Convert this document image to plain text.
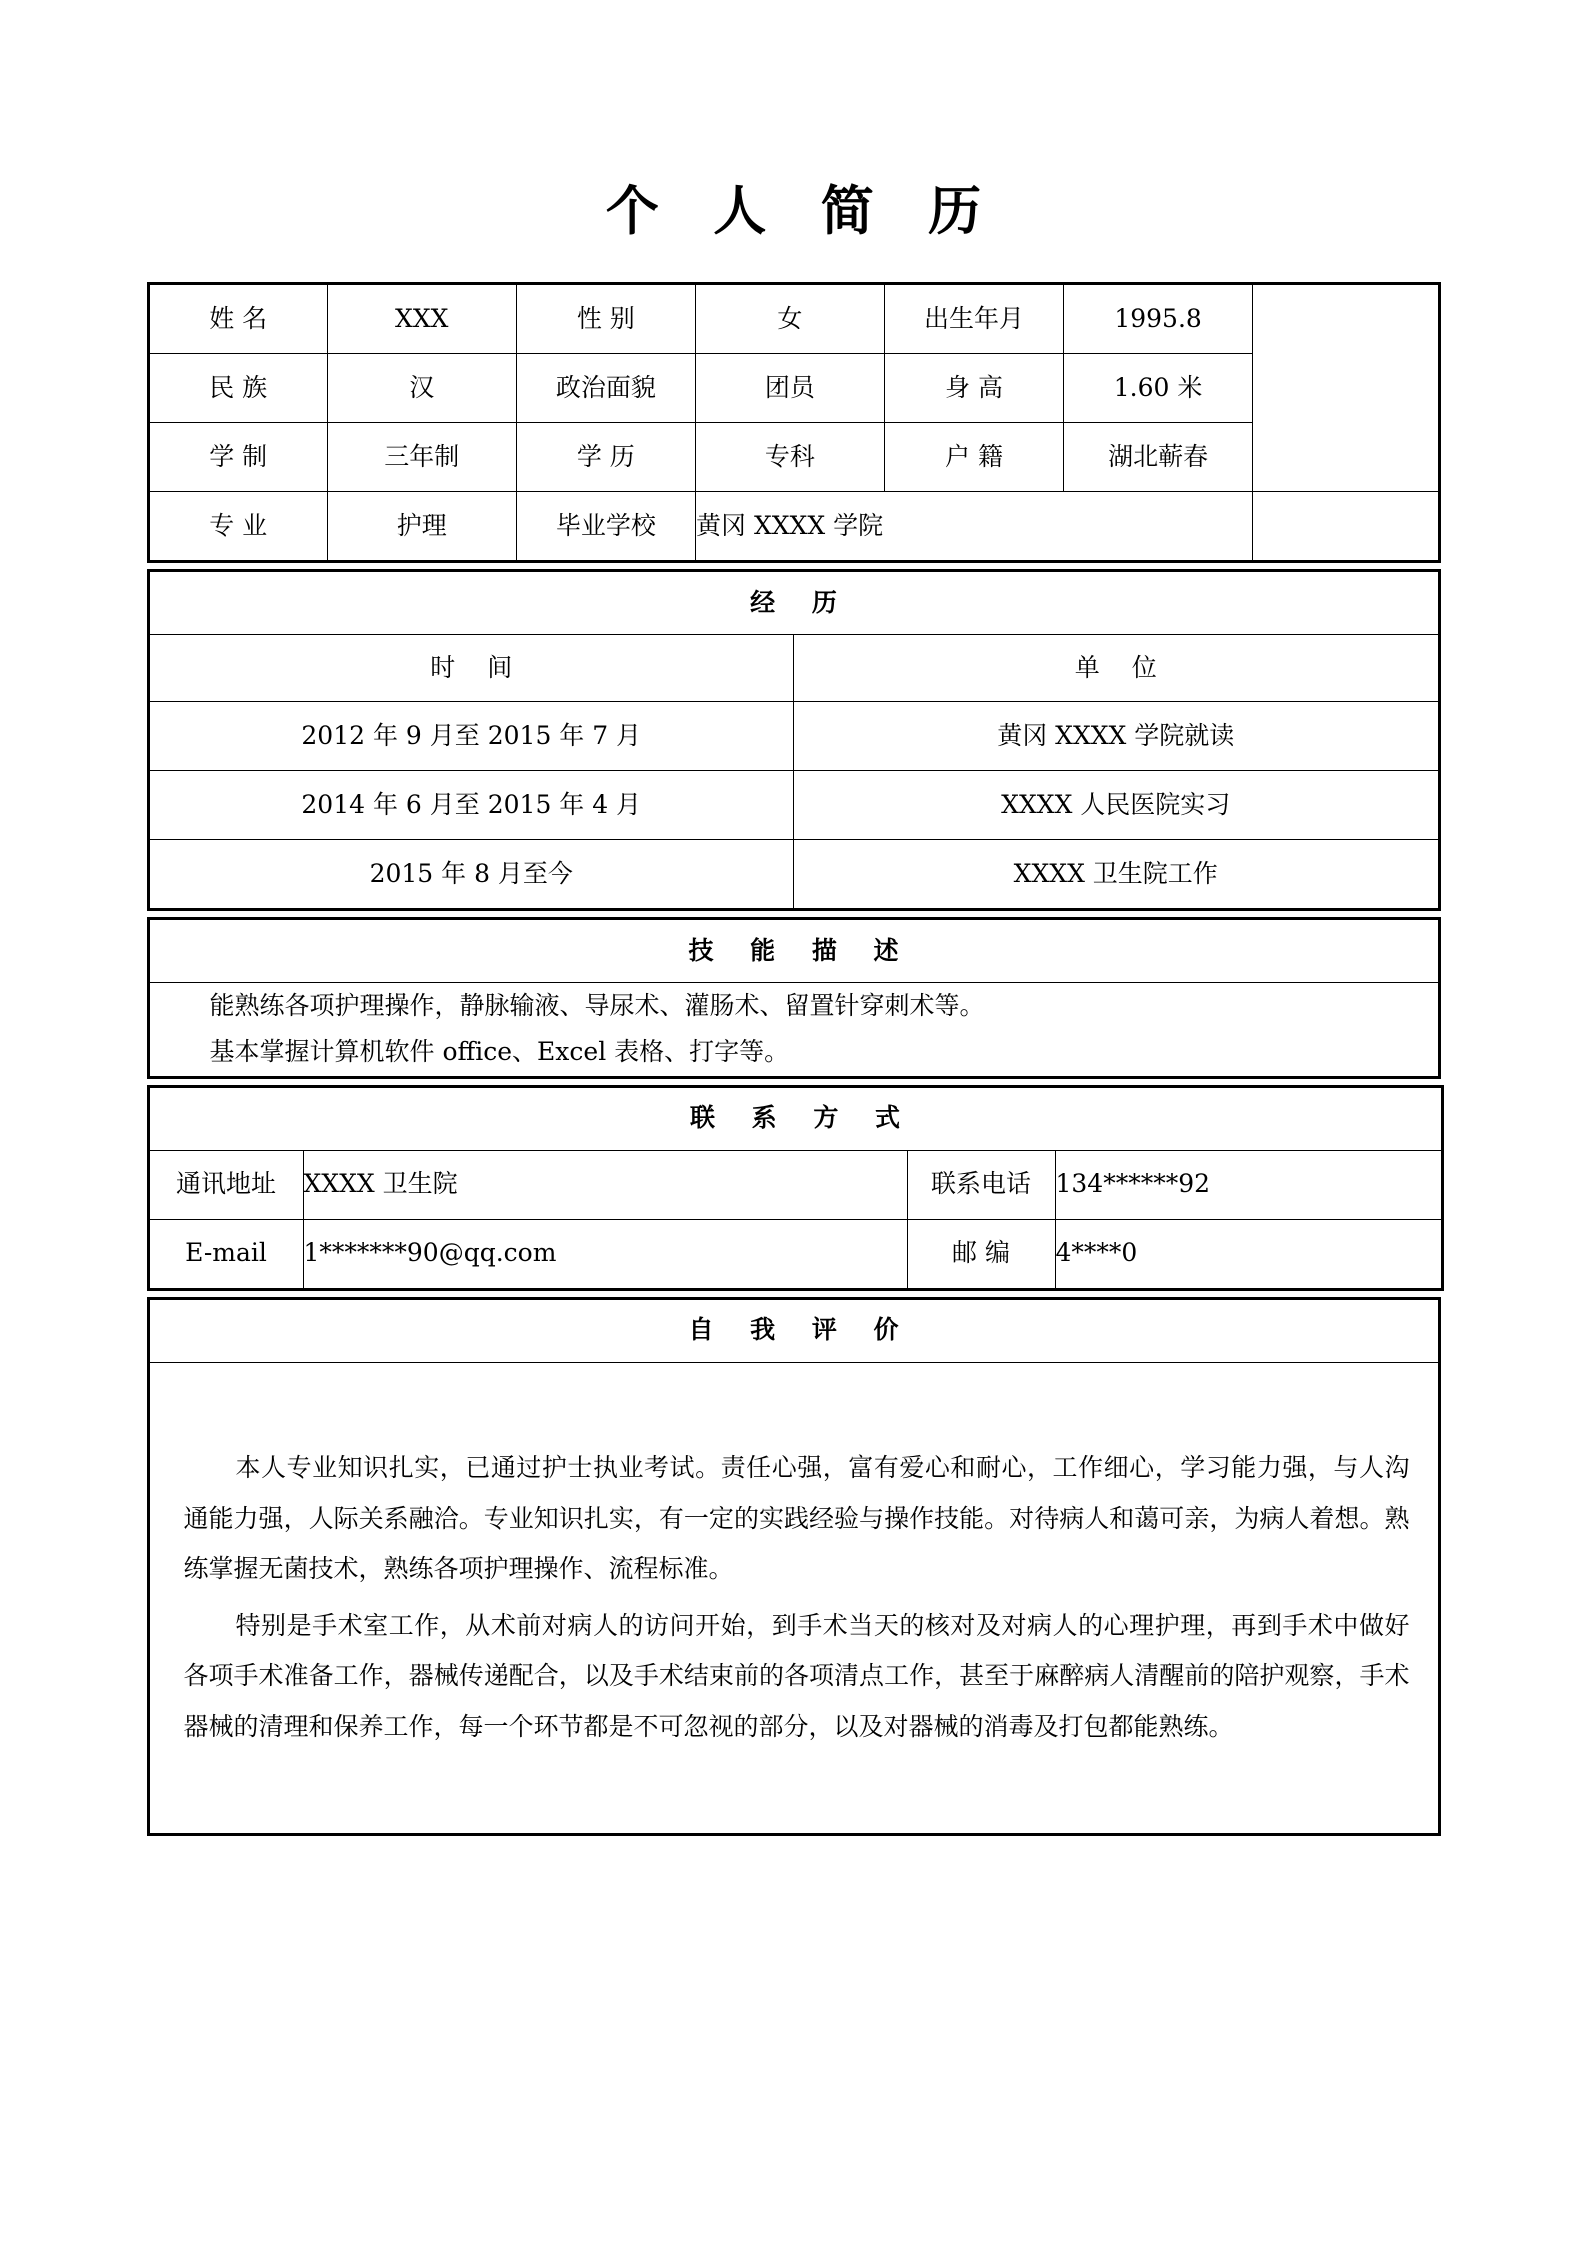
个 人 简 历
姓 名	XXX	性 别	女	出生年月	1995.8	
民 族	汉	政治面貌	团员	身 高	1.60 米	
学 制	三年制	学 历	专科	户 籍	湖北蕲春	
专 业	护理	毕业学校	黄冈 XXXX 学院			
经 历	
时 间	单 位
2012 年 9 月至 2015 年 7 月	黄冈 XXXX 学院就读
2014 年 6 月至 2015 年 4 月	XXXX 人民医院实习
2015 年 8 月至今	XXXX 卫生院工作
技 能 描 述

能熟练各项护理操作，静脉输液、导尿术、灌肠术、留置针穿刺术等。
基本掌握计算机软件 office、Excel 表格、打字等。
联 系 方 式			
通讯地址	XXXX 卫生院	联系电话	134******92
E-mail	1*******90@qq.com	邮 编	4****0
自 我 评 价

本人专业知识扎实，已通过护士执业考试。责任心强，富有爱心和耐心，工作细心，学习能力强，与人沟通能力强，人际关系融洽。专业知识扎实，有一定的实践经验与操作技能。对待病人和蔼可亲，为病人着想。熟练掌握无菌技术，熟练各项护理操作、流程标准。

特别是手术室工作，从术前对病人的访问开始，到手术当天的核对及对病人的心理护理，再到手术中做好各项手术准备工作，器械传递配合，以及手术结束前的各项清点工作，甚至于麻醉病人清醒前的陪护观察，手术器械的清理和保养工作，每一个环节都是不可忽视的部分，以及对器械的消毒及打包都能熟练。
